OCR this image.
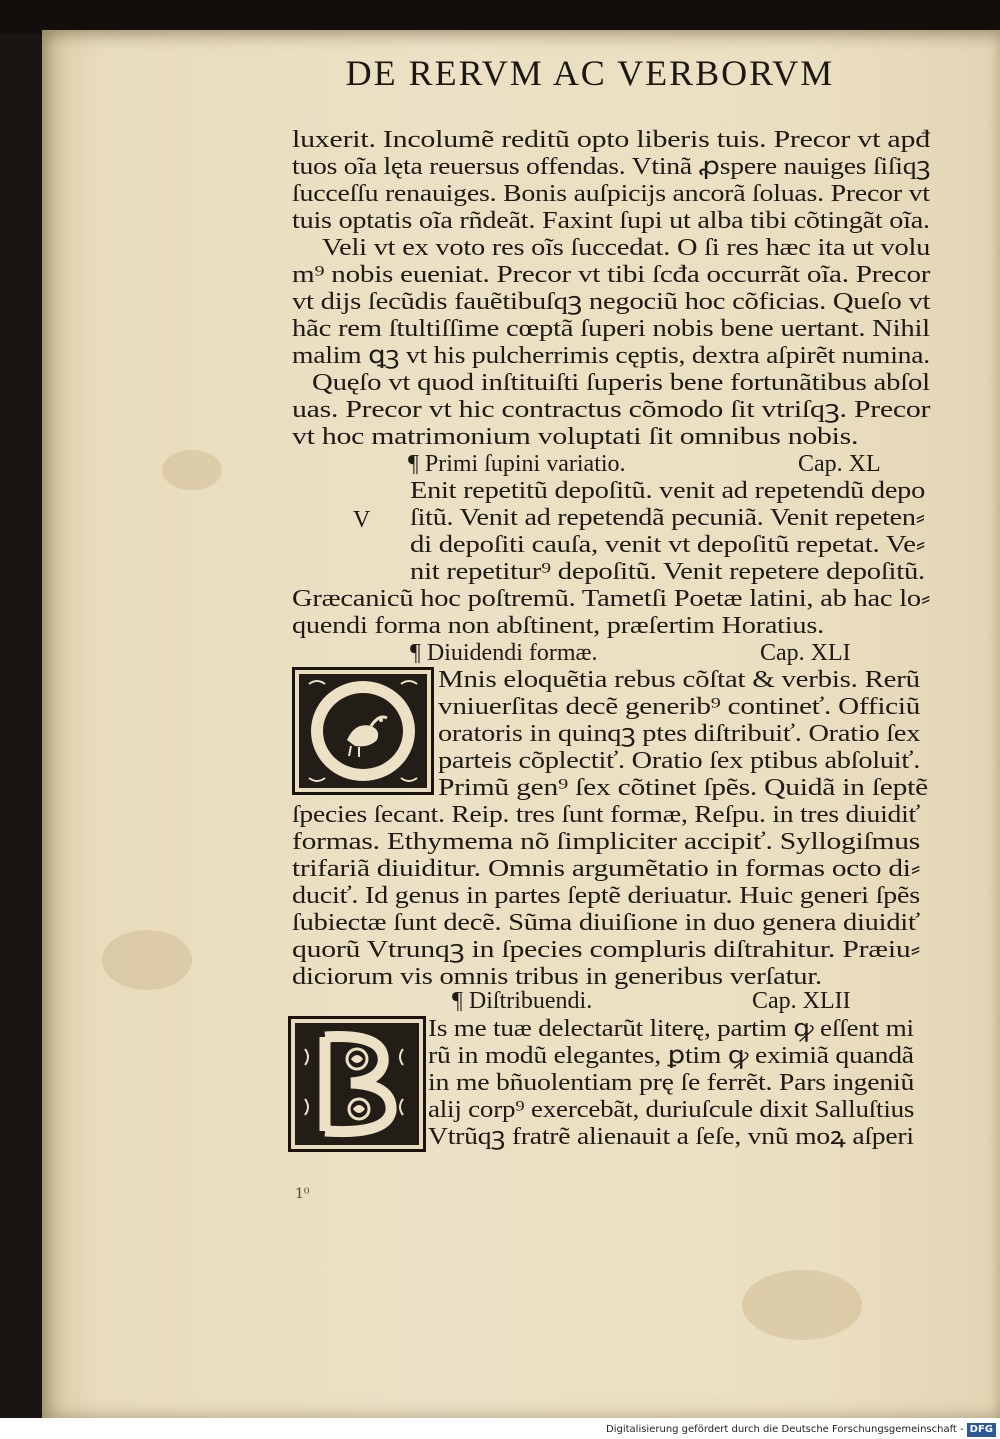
DE RERVM AC VERBORVM
luxerit. Incolumẽ reditũ opto liberis tuis. Precor vt apđ
tuos oĩa lęta reuersus offendas. Vtinã ꝓspere nauiges ſiſiqꝫ
ſucceſſu renauiges. Bonis auſpicijs ancorã ſoluas. Precor vt
tuis optatis oĩa rñdeãt. Faxint ſupi ut alba tibi cõtingãt oĩa.
Veli vt ex voto res oĩs ſuccedat. O ſi res hæc ita ut volu
m⁹ nobis eueniat. Precor vt tibi ſcđa occurrãt oĩa. Precor
vt dijs ſecũdis fauẽtibuſqꝫ negociũ hoc cõficias. Queſo vt
hãc rem ſtultiſſime cœptã ſuperi nobis bene uertant. Nihil
malim ꝗꝫ vt his pulcherrimis cęptis, dextra aſpirẽt numina.
Quęſo vt quod inſtituiſti ſuperis bene fortunãtibus abſol
uas. Precor vt hic contractus cõmodo ſit vtriſqꝫ. Precor
vt hoc matrimonium voluptati ſit omnibus nobis.
¶ Primi ſupini variatio.	Cap. XL
Enit repetitũ depoſitũ. venit ad repetendũ depo
V ſitũ. Venit ad repetendã pecuniã. Venit repeten⸗
di depoſiti cauſa, venit vt depoſitũ repetat. Ve⸗
nit repetitur⁹ depoſitũ. Venit repetere depoſitũ.
Græcanicũ hoc poſtremũ. Tametſi Poetæ latini, ab hac lo⸗
quendi forma non abſtinent, præſertim Horatius.
¶ Diuidendi formæ.	Cap. XLI
Mnis eloquẽtia rebus cõſtat & verbis. Rerũ
vniuerſitas decẽ generib⁹ contineť. Officiũ
oratoris in quinqꝫ ptes diſtribuiť. Oratio ſex
parteis cõplectiť. Oratio ſex ptibus abſoluiť.
Primũ gen⁹ ſex cõtinet ſpẽs. Quidã in ſeptẽ
ſpecies ſecant. Reip. tres ſunt formæ, Reſpu. in tres diuidiť
formas. Ethymema nõ ſimpliciter accipiť. Syllogiſmus
trifariã diuiditur. Omnis argumẽtatio in formas octo di⸗
duciť. Id genus in partes ſeptẽ deriuatur. Huic generi ſpẽs
ſubiectæ ſunt decẽ. Sũma diuiſione in duo genera diuidiť
quorũ Vtrunqꝫ in ſpecies compluris diſtrahitur. Præiu⸗
diciorum vis omnis tribus in generibus verſatur.
¶ Diſtribuendi.	Cap. XLII
Is me tuæ delectarũt literę, partim ꝙ eſſent mi
rũ in modũ elegantes, ꝑtim ꝙ eximiã quandã
in me bñuolentiam prę ſe ferrẽt. Pars ingeniũ
alij corp⁹ exercebãt, duriuſcule dixit Salluſtius
Vtrũqꝫ fratrẽ alienauit a ſeſe, vnũ moꝝ aſperi
1⁰
Digitalisierung gefördert durch die Deutsche Forschungsgemeinschaft - DFG
